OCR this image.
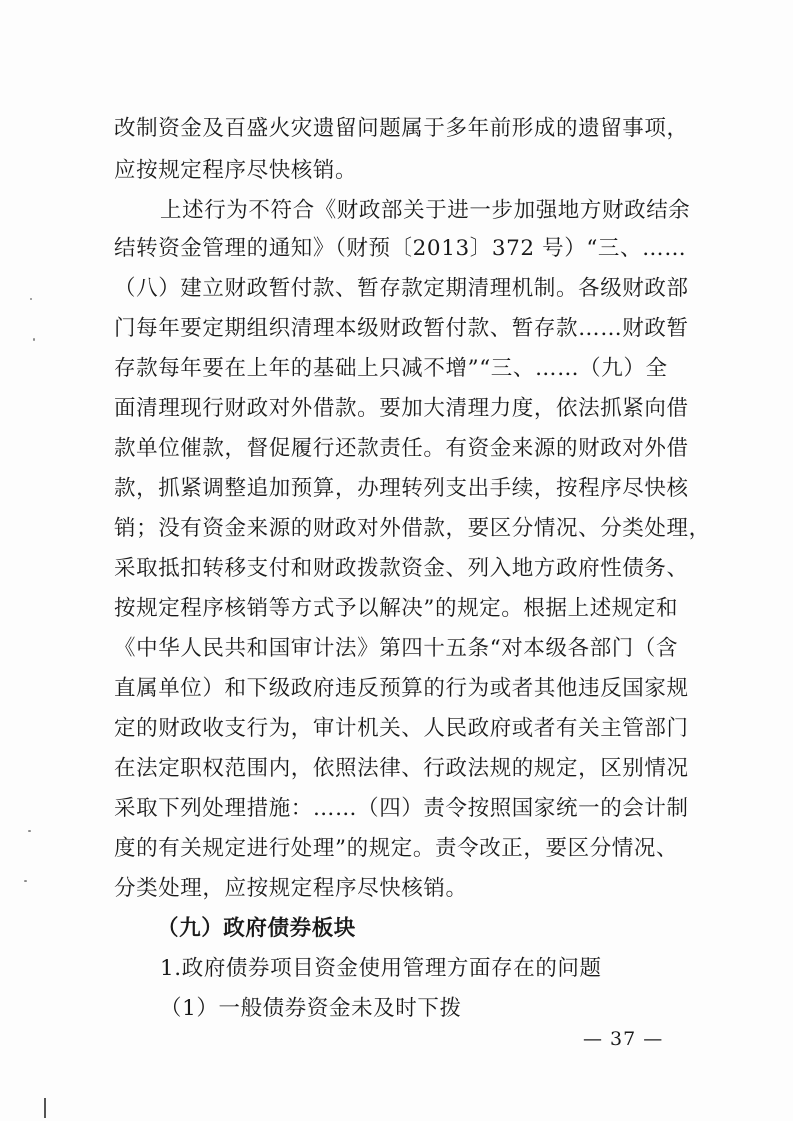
改制资金及百盛火灾遗留问题属于多年前形成的遗留事项，
应按规定程序尽快核销。
上述行为不符合《财政部关于进一步加强地方财政结余
结转资金管理的通知》（财预〔2013〕372 号）“三、……
（八）建立财政暂付款、暂存款定期清理机制。各级财政部
门每年要定期组织清理本级财政暂付款、暂存款……财政暂
存款每年要在上年的基础上只减不增”“三、……（九）全
面清理现行财政对外借款。要加大清理力度，依法抓紧向借
款单位催款，督促履行还款责任。有资金来源的财政对外借
款，抓紧调整追加预算，办理转列支出手续，按程序尽快核
销；没有资金来源的财政对外借款，要区分情况、分类处理，
采取抵扣转移支付和财政拨款资金、列入地方政府性债务、
按规定程序核销等方式予以解决”的规定。根据上述规定和
《中华人民共和国审计法》第四十五条“对本级各部门（含
直属单位）和下级政府违反预算的行为或者其他违反国家规
定的财政收支行为，审计机关、人民政府或者有关主管部门
在法定职权范围内，依照法律、行政法规的规定，区别情况
采取下列处理措施：……（四）责令按照国家统一的会计制
度的有关规定进行处理”的规定。责令改正，要区分情况、
分类处理，应按规定程序尽快核销。
（九）政府债券板块
1.政府债券项目资金使用管理方面存在的问题
（1）一般债券资金未及时下拨
— 37 —
